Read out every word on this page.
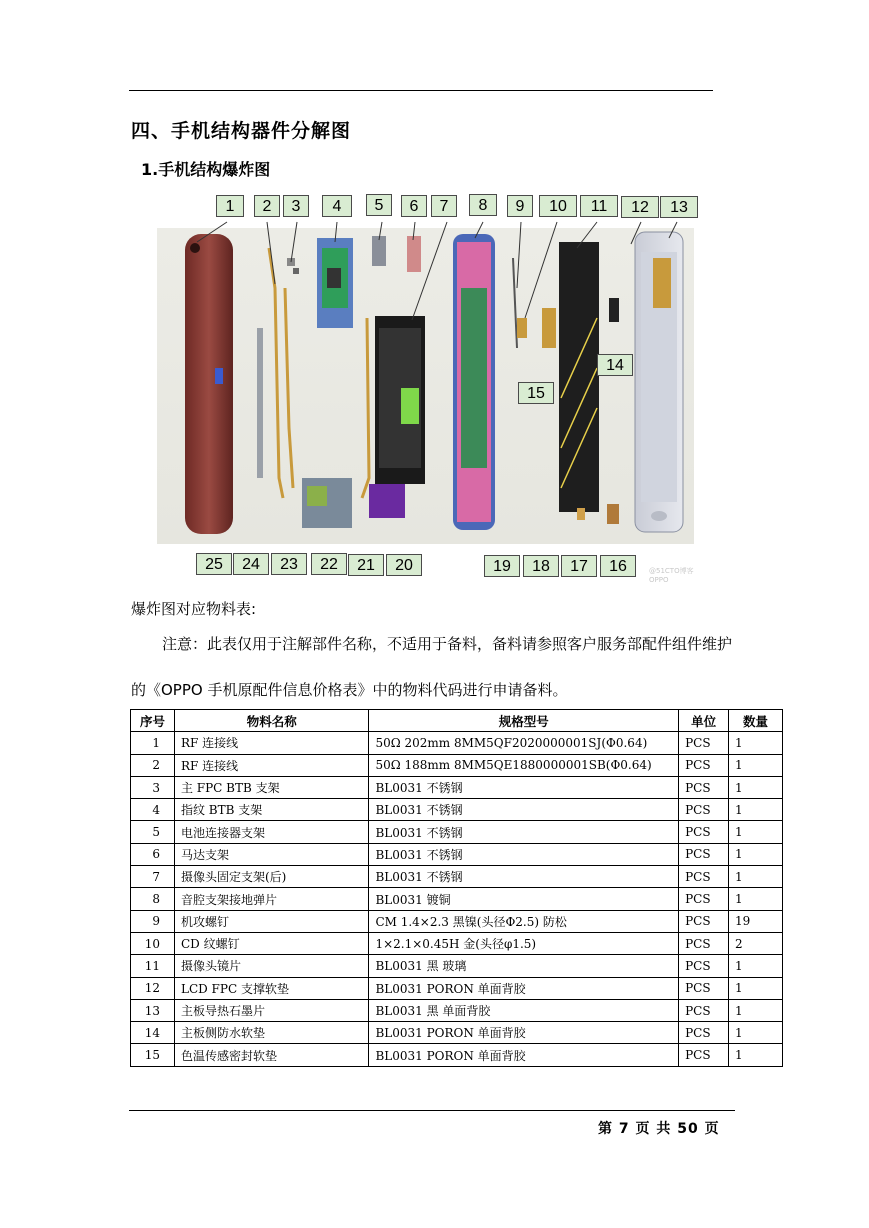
四、手机结构器件分解图
1.手机结构爆炸图
@51CTO博客OPPO
1	2	3	4	5	6	7	8	9	10	11	12	13
14
15
16
17
18
19
20
21
22
23
24
25
爆炸图对应物料表:
注意：此表仅用于注解部件名称，不适用于备料，备料请参照客户服务部配件组件维护
的《OPPO 手机原配件信息价格表》中的物料代码进行申请备料。
序号	物料名称	规格型号	单位	数量
1	RF 连接线	50Ω 202mm 8MM5QF2020000001SJ(Φ0.64)	PCS	1
2	RF 连接线	50Ω 188mm 8MM5QE1880000001SB(Φ0.64)	PCS	1
3	主 FPC BTB 支架	BL0031 不锈钢	PCS	1
4	指纹 BTB 支架	BL0031 不锈钢	PCS	1
5	电池连接器支架	BL0031 不锈钢	PCS	1
6	马达支架	BL0031 不锈钢	PCS	1
7	摄像头固定支架(后)	BL0031 不锈钢	PCS	1
8	音腔支架接地弹片	BL0031 镀铜	PCS	1
9	机攻螺钉	CM 1.4×2.3 黑镍(头径Φ2.5) 防松	PCS	19
10	CD 纹螺钉	1×2.1×0.45H 金(头径φ1.5)	PCS	2
11	摄像头镜片	BL0031 黑 玻璃	PCS	1
12	LCD FPC 支撑软垫	BL0031 PORON 单面背胶	PCS	1
13	主板导热石墨片	BL0031 黑 单面背胶	PCS	1
14	主板侧防水软垫	BL0031 PORON 单面背胶	PCS	1
15	色温传感密封软垫	BL0031 PORON 单面背胶	PCS	1
第 7 页 共 50 页
